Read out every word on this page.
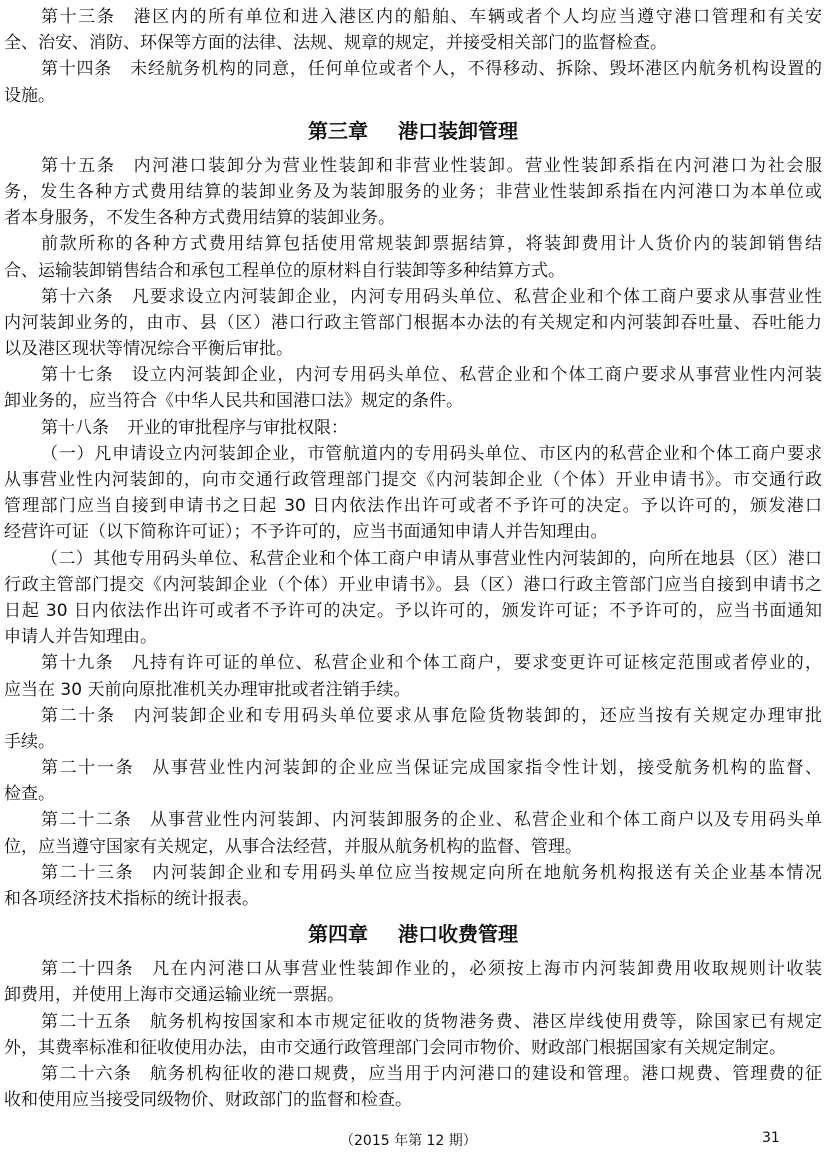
第十三条 港区内的所有单位和进入港区内的船舶、车辆或者个人均应当遵守港口管理和有关安
全、治安、消防、环保等方面的法律、法规、规章的规定，并接受相关部门的监督检查。
第十四条 未经航务机构的同意，任何单位或者个人，不得移动、拆除、毁坏港区内航务机构设置的
设施。
第三章 港口装卸管理
第十五条 内河港口装卸分为营业性装卸和非营业性装卸。营业性装卸系指在内河港口为社会服
务，发生各种方式费用结算的装卸业务及为装卸服务的业务；非营业性装卸系指在内河港口为本单位或
者本身服务，不发生各种方式费用结算的装卸业务。
前款所称的各种方式费用结算包括使用常规装卸票据结算，将装卸费用计人货价内的装卸销售结
合、运输装卸销售结合和承包工程单位的原材料自行装卸等多种结算方式。
第十六条 凡要求设立内河装卸企业，内河专用码头单位、私营企业和个体工商户要求从事营业性
内河装卸业务的，由市、县（区）港口行政主管部门根据本办法的有关规定和内河装卸吞吐量、吞吐能力
以及港区现状等情况综合平衡后审批。
第十七条 设立内河装卸企业，内河专用码头单位、私营企业和个体工商户要求从事营业性内河装
卸业务的，应当符合《中华人民共和国港口法》规定的条件。
第十八条 开业的审批程序与审批权限：
（一）凡申请设立内河装卸企业，市管航道内的专用码头单位、市区内的私营企业和个体工商户要求
从事营业性内河装卸的，向市交通行政管理部门提交《内河装卸企业（个体）开业申请书》。市交通行政
管理部门应当自接到申请书之日起 30 日内依法作出许可或者不予许可的决定。予以许可的，颁发港口
经营许可证（以下简称许可证）；不予许可的，应当书面通知申请人并告知理由。
（二）其他专用码头单位、私营企业和个体工商户申请从事营业性内河装卸的，向所在地县（区）港口
行政主管部门提交《内河装卸企业（个体）开业申请书》。县（区）港口行政主管部门应当自接到申请书之
日起 30 日内依法作出许可或者不予许可的决定。予以许可的，颁发许可证；不予许可的，应当书面通知
申请人并告知理由。
第十九条 凡持有许可证的单位、私营企业和个体工商户，要求变更许可证核定范围或者停业的，
应当在 30 天前向原批准机关办理审批或者注销手续。
第二十条 内河装卸企业和专用码头单位要求从事危险货物装卸的，还应当按有关规定办理审批
手续。
第二十一条 从事营业性内河装卸的企业应当保证完成国家指令性计划，接受航务机构的监督、
检查。
第二十二条 从事营业性内河装卸、内河装卸服务的企业、私营企业和个体工商户以及专用码头单
位，应当遵守国家有关规定，从事合法经营，并服从航务机构的监督、管理。
第二十三条 内河装卸企业和专用码头单位应当按规定向所在地航务机构报送有关企业基本情况
和各项经济技术指标的统计报表。
第四章 港口收费管理
第二十四条 凡在内河港口从事营业性装卸作业的，必须按上海市内河装卸费用收取规则计收装
卸费用，并使用上海市交通运输业统一票据。
第二十五条 航务机构按国家和本市规定征收的货物港务费、港区岸线使用费等，除国家已有规定
外，其费率标准和征收使用办法，由市交通行政管理部门会同市物价、财政部门根据国家有关规定制定。
第二十六条 航务机构征收的港口规费，应当用于内河港口的建设和管理。港口规费、管理费的征
收和使用应当接受同级物价、财政部门的监督和检查。
（2015 年第 12 期）	31
